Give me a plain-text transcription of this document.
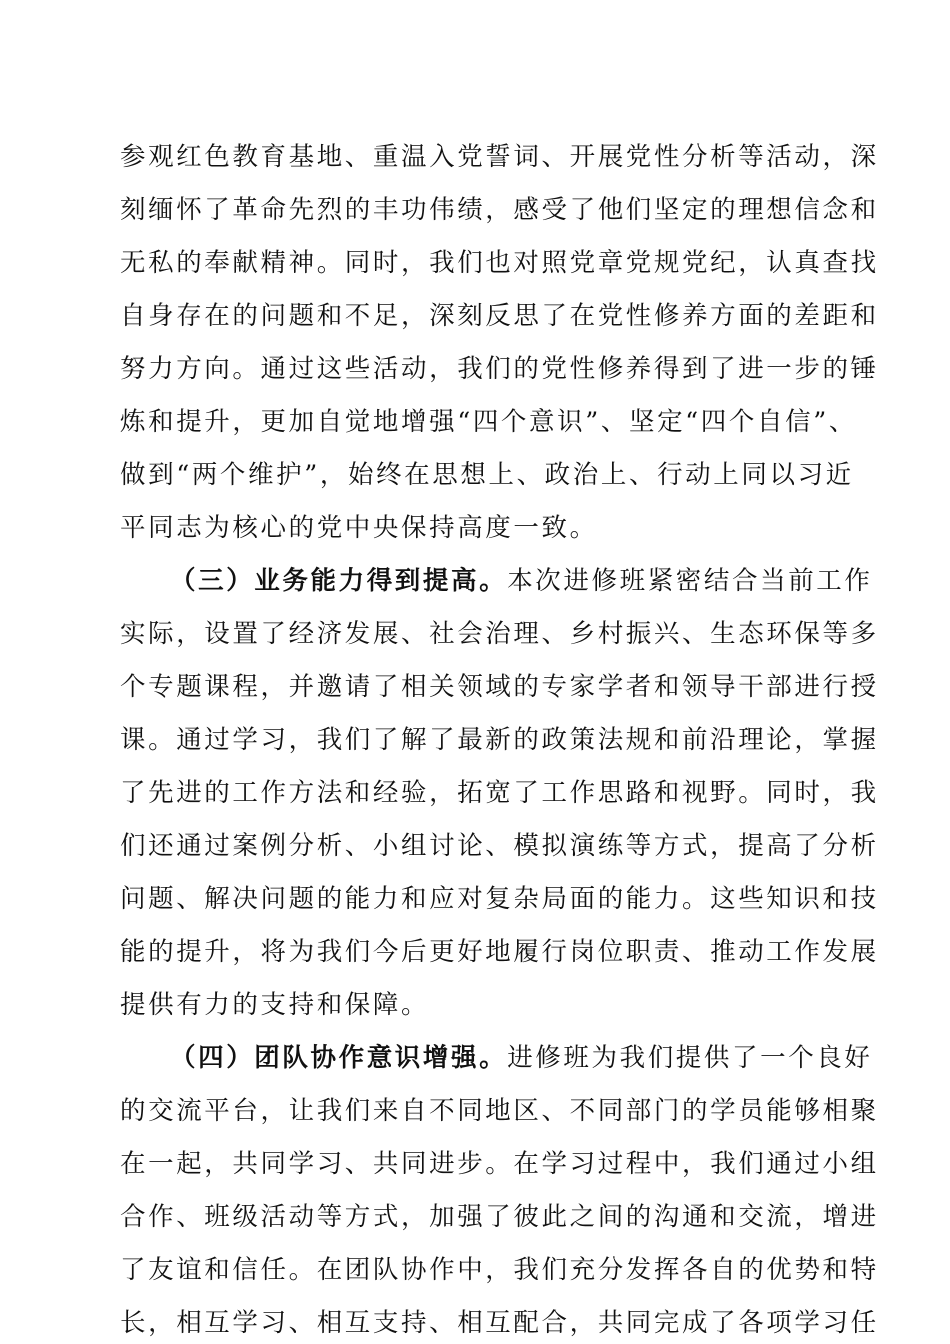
参观红色教育基地、重温入党誓词、开展党性分析等活动，深
刻缅怀了革命先烈的丰功伟绩，感受了他们坚定的理想信念和
无私的奉献精神。同时，我们也对照党章党规党纪，认真查找
自身存在的问题和不足，深刻反思了在党性修养方面的差距和
努力方向。通过这些活动，我们的党性修养得到了进一步的锤
炼和提升，更加自觉地增强“四个意识”、坚定“四个自信”、
做到“两个维护”，始终在思想上、政治上、行动上同以习近
平同志为核心的党中央保持高度一致。
（三）业务能力得到提高。本次进修班紧密结合当前工作
实际，设置了经济发展、社会治理、乡村振兴、生态环保等多
个专题课程，并邀请了相关领域的专家学者和领导干部进行授
课。通过学习，我们了解了最新的政策法规和前沿理论，掌握
了先进的工作方法和经验，拓宽了工作思路和视野。同时，我
们还通过案例分析、小组讨论、模拟演练等方式，提高了分析
问题、解决问题的能力和应对复杂局面的能力。这些知识和技
能的提升，将为我们今后更好地履行岗位职责、推动工作发展
提供有力的支持和保障。
（四）团队协作意识增强。进修班为我们提供了一个良好
的交流平台，让我们来自不同地区、不同部门的学员能够相聚
在一起，共同学习、共同进步。在学习过程中，我们通过小组
合作、班级活动等方式，加强了彼此之间的沟通和交流，增进
了友谊和信任。在团队协作中，我们充分发挥各自的优势和特
长，相互学习、相互支持、相互配合，共同完成了各项学习任
